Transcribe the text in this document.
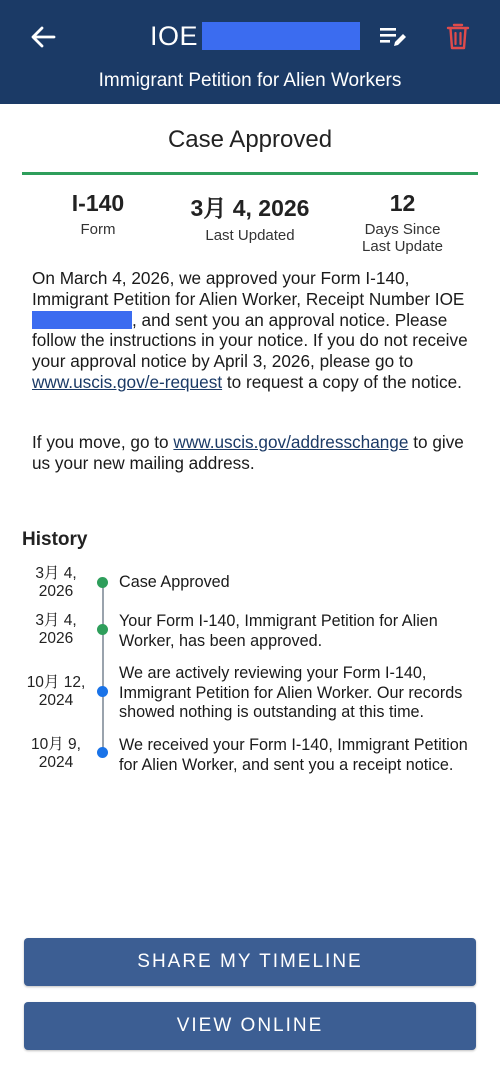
IOE
Immigrant Petition for Alien Workers
Case Approved
I-140
Form
3月 4, 2026
Last Updated
12
Days Since
Last Update
On March 4, 2026, we approved your Form I-140, Immigrant Petition for Alien Worker, Receipt Number IOE, and sent you an approval notice. Please follow the instructions in your notice. If you do not receive your approval notice by April 3, 2026, please go to www.uscis.gov/e-request to request a copy of the notice.
If you move, go to www.uscis.gov/addresschange to give us your new mailing address.
History
3月 4,
2026
Case Approved
3月 4,
2026
Your Form I-140, Immigrant Petition for Alien Worker, has been approved.
10月 12,
2024
We are actively reviewing your Form I-140, Immigrant Petition for Alien Worker. Our records showed nothing is outstanding at this time.
10月 9,
2024
We received your Form I-140, Immigrant Petition for Alien Worker, and sent you a receipt notice.
SHARE MY TIMELINE
VIEW ONLINE
